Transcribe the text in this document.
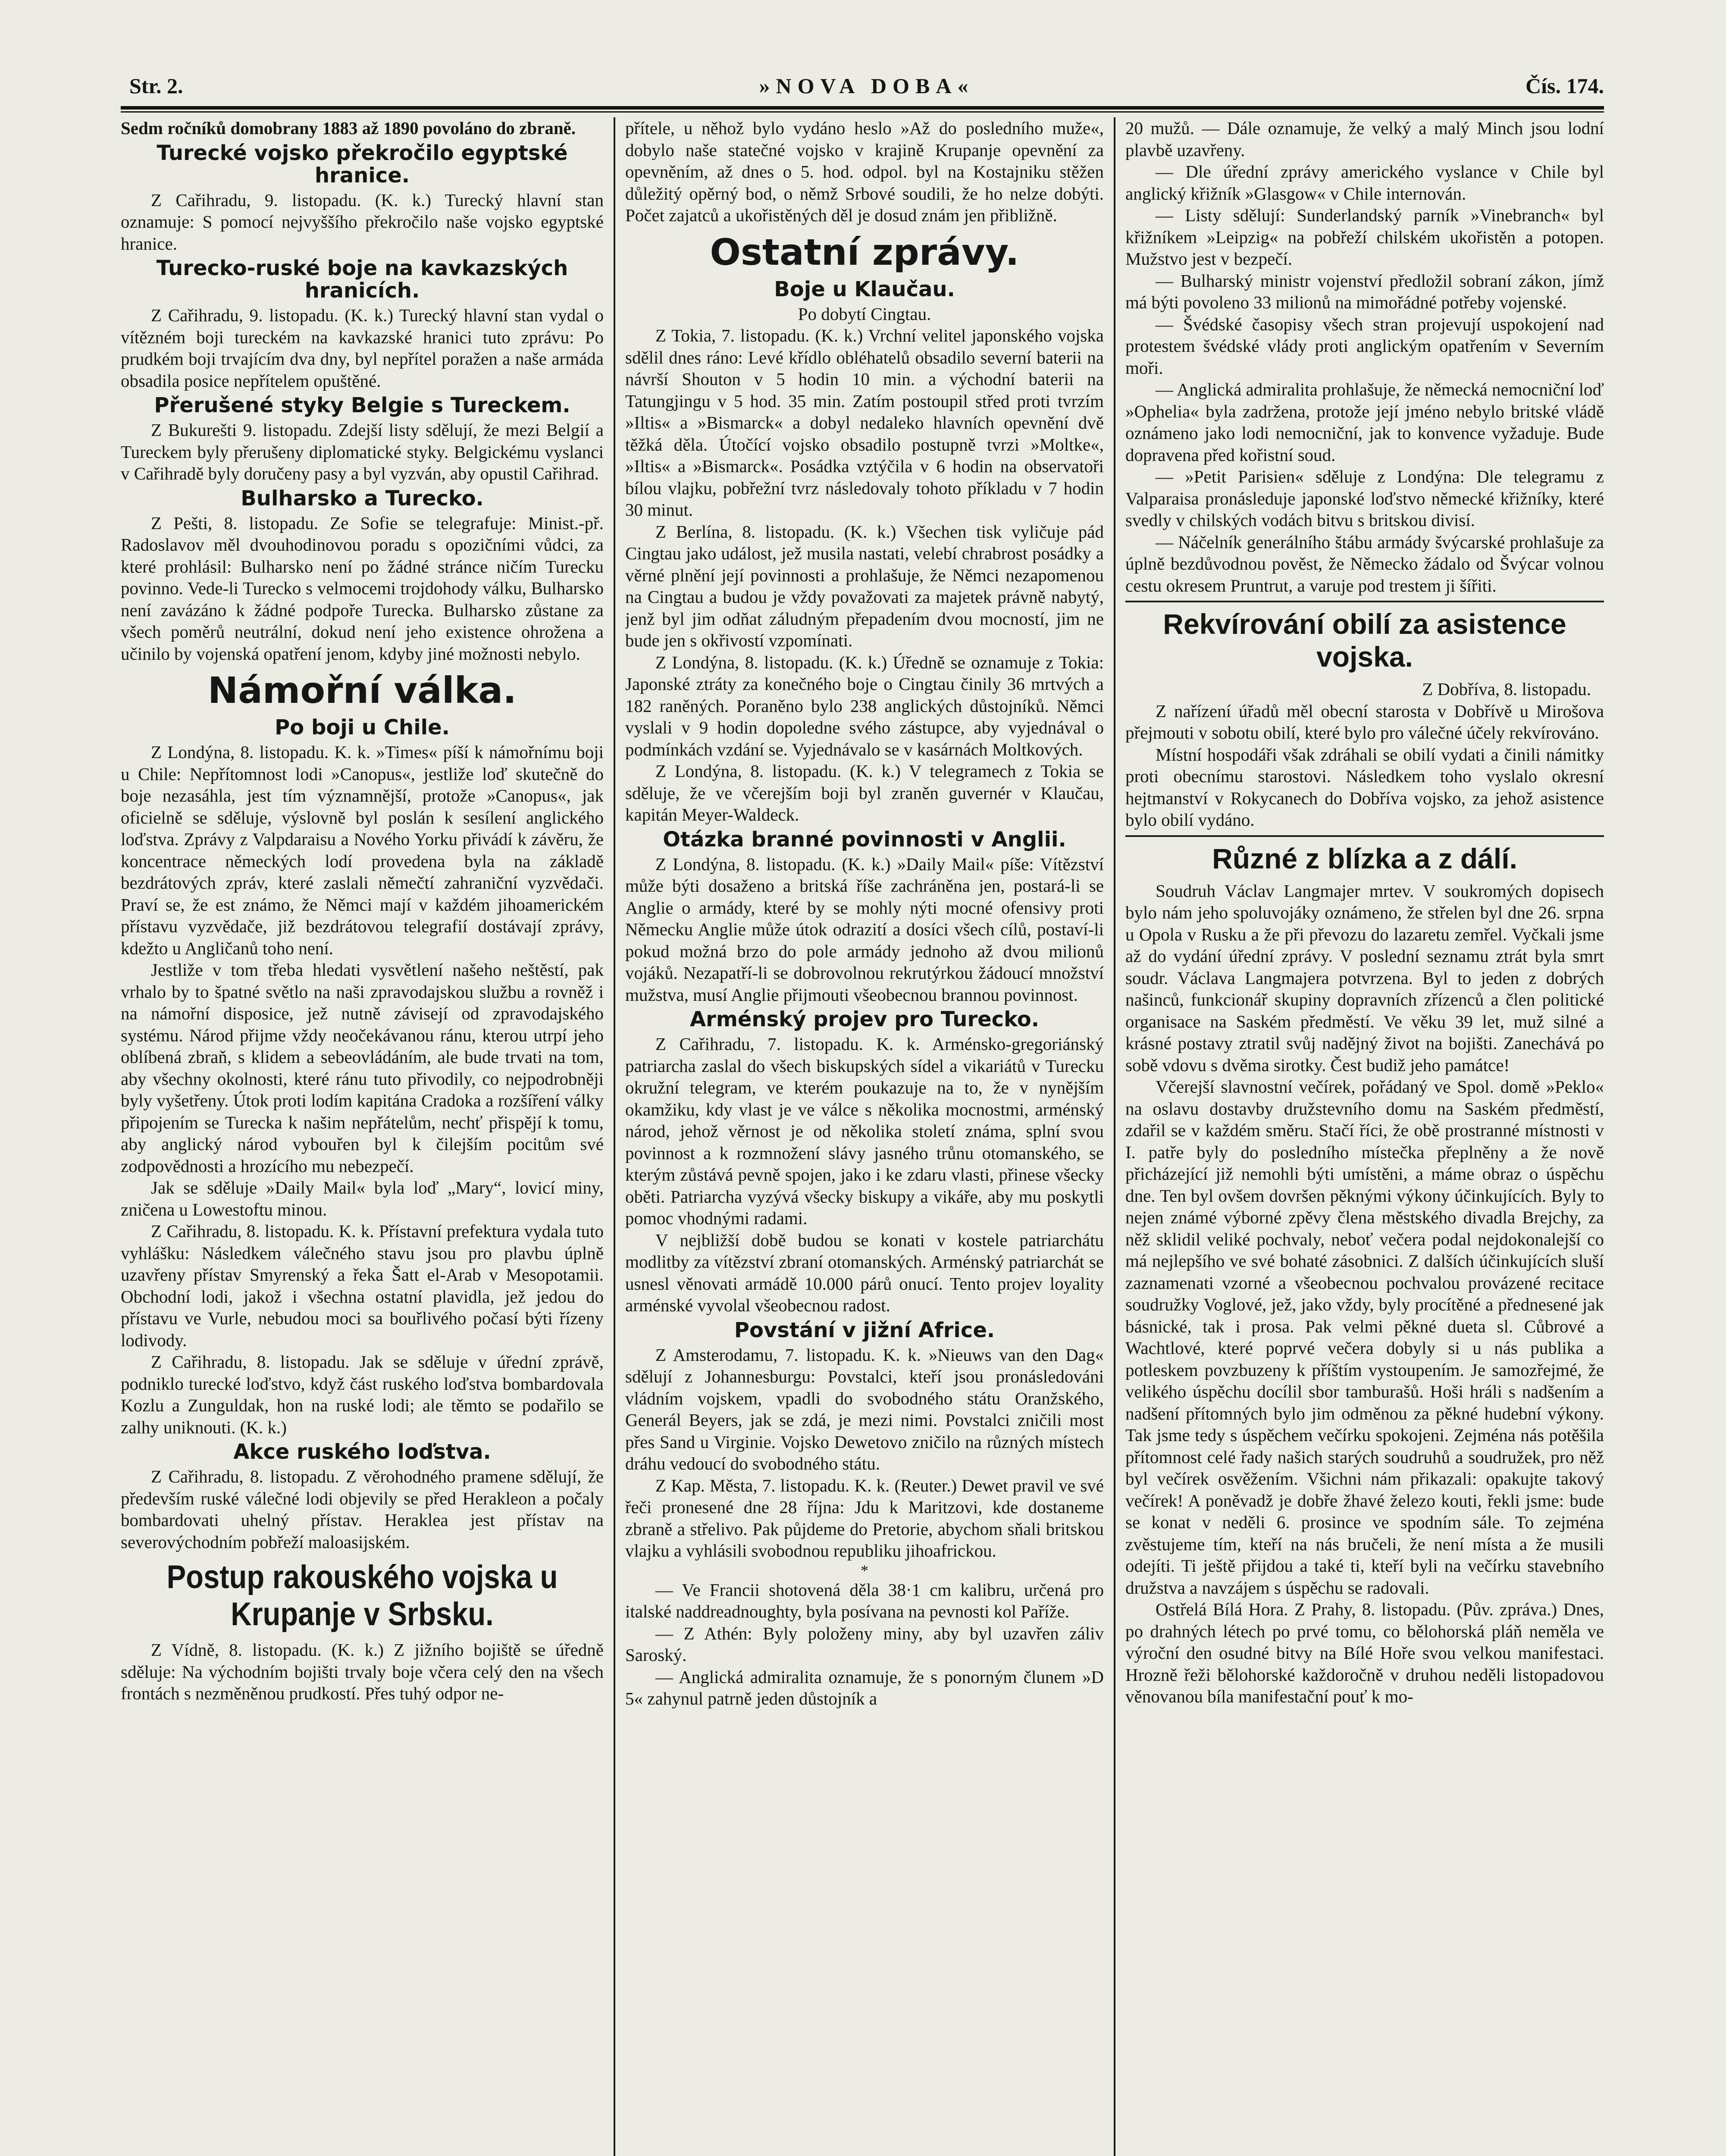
Str. 2.	»NOVA DOBA«	Čís. 174.

Sedm ročníků domobrany 1883 až 1890 povoláno do zbraně.

Turecké vojsko překročilo egyptské hranice.

Z Cařihradu, 9. listopadu. (K. k.) Turecký hlavní stan oznamuje: S pomocí nejvyššího překročilo naše vojsko egyptské hranice.

Turecko-ruské boje na kavkazských hranicích.

Z Cařihradu, 9. listopadu. (K. k.) Turecký hlavní stan vydal o vítězném boji tureckém na kavkazské hranici tuto zprávu: Po prudkém boji trvajícím dva dny, byl nepřítel poražen a naše armáda obsadila posice nepřítelem opuštěné.

Přerušené styky Belgie s Tureckem.

Z Bukurešti 9. listopadu. Zdejší listy sdělují, že mezi Belgií a Tureckem byly přerušeny diplomatické styky. Belgickému vyslanci v Cařihradě byly doručeny pasy a byl vyzván, aby opustil Cařihrad.

Bulharsko a Turecko.

Z Pešti, 8. listopadu. Ze Sofie se telegrafuje: Minist.-př. Radoslavov měl dvouhodinovou poradu s opozičními vůdci, za které prohlásil: Bulharsko není po žádné stránce ničím Turecku povinno. Vede-li Turecko s velmocemi trojdohody válku, Bulharsko není zavázáno k žádné podpoře Turecka. Bulharsko zůstane za všech poměrů neutrální, dokud není jeho existence ohrožena a učinilo by vojenská opatření jenom, kdyby jiné možnosti nebylo.

Námořní válka.
Po boji u Chile.

Z Londýna, 8. listopadu. K. k. »Times« píší k námořnímu boji u Chile: Nepřítomnost lodi »Canopus«, jestliže loď skutečně do boje nezasáhla, jest tím významnější, protože »Canopus«, jak oficielně se sděluje, výslovně byl poslán k sesílení anglického loďstva. Zprávy z Valpdaraisu a Nového Yorku přivádí k závěru, že koncentrace německých lodí provedena byla na základě bezdrátových zpráv, které zaslali němečtí zahraniční vyzvědači. Praví se, že est známo, že Němci mají v každém jihoamerickém přístavu vyzvědače, již bezdrátovou telegrafií dostávají zprávy, kdežto u Angličanů toho není.

Jestliže v tom třeba hledati vysvětlení našeho neštěstí, pak vrhalo by to špatné světlo na naši zpravodajskou službu a rovněž i na námořní disposice, jež nutně závisejí od zpravodajského systému. Národ přijme vždy neočekávanou ránu, kterou utrpí jeho oblíbená zbraň, s klidem a sebeovládáním, ale bude trvati na tom, aby všechny okolnosti, které ránu tuto přivodily, co nejpodrobněji byly vyšetřeny. Útok proti lodím kapitána Cradoka a rozšíření války připojením se Turecka k našim nepřátelům, nechť přispějí k tomu, aby anglický národ vybouřen byl k čilejším pocitům své zodpovědnosti a hrozícího mu nebezpečí.

Jak se sděluje »Daily Mail« byla loď „Mary“, lovicí miny, zničena u Lowestoftu minou.

Z Cařihradu, 8. listopadu. K. k. Přístavní prefektura vydala tuto vyhlášku: Následkem válečného stavu jsou pro plavbu úplně uzavřeny přístav Smyrenský a řeka Šatt el-Arab v Mesopotamii. Obchodní lodi, jakož i všechna ostatní plavidla, jež jedou do přístavu ve Vurle, nebudou moci sa bouřlivého počasí býti řízeny lodivody.

Z Cařihradu, 8. listopadu. Jak se sděluje v úřední zprávě, podniklo turecké loďstvo, když část ruského loďstva bombardovala Kozlu a Zunguldak, hon na ruské lodi; ale těmto se podařilo se zalhy uniknouti. (K. k.)

Akce ruského loďstva.

Z Cařihradu, 8. listopadu. Z věrohodného pramene sdělují, že především ruské válečné lodi objevily se před Herakleon a počaly bombardovati uhelný přístav. Heraklea jest přístav na severovýchodním pobřeží maloasijském.

Postup rakouského vojska u Krupanje v Srbsku.

Z Vídně, 8. listopadu. (K. k.) Z jižního bojiště se úředně sděluje: Na východním bojišti trvaly boje včera celý den na všech frontách s nezměněnou prudkostí. Přes tuhý odpor ne-

přítele, u něhož bylo vydáno heslo »Až do posledního muže«, dobylo naše statečné vojsko v krajině Krupanje opevnění za opevněním, až dnes o 5. hod. odpol. byl na Kostajniku stěžen důležitý opěrný bod, o němž Srbové soudili, že ho nelze dobýti. Počet zajatců a ukořistěných děl je dosud znám jen přibližně.

Ostatní zprávy.
Boje u Klaučau.

Po dobytí Cingtau.

Z Tokia, 7. listopadu. (K. k.) Vrchní velitel japonského vojska sdělil dnes ráno: Levé křídlo obléhatelů obsadilo severní baterii na návrší Shouton v 5 hodin 10 min. a východní baterii na Tatungjingu v 5 hod. 35 min. Zatím postoupil střed proti tvrzím »Iltis« a »Bismarck« a dobyl nedaleko hlavních opevnění dvě těžká děla. Útočící vojsko obsadilo postupně tvrzi »Moltke«, »Iltis« a »Bismarck«. Posádka vztýčila v 6 hodin na observatoři bílou vlajku, pobřežní tvrz následovaly tohoto příkladu v 7 hodin 30 minut.

Z Berlína, 8. listopadu. (K. k.) Všechen tisk vyličuje pád Cingtau jako událost, jež musila nastati, velebí chrabrost posádky a věrné plnění její povinnosti a prohlašuje, že Němci nezapomenou na Cingtau a budou je vždy považovati za majetek právně nabytý, jenž byl jim odňat záludným přepadením dvou mocností, jim ne bude jen s okřivostí vzpomínati.

Z Londýna, 8. listopadu. (K. k.) Úředně se oznamuje z Tokia: Japonské ztráty za konečného boje o Cingtau činily 36 mrtvých a 182 raněných. Poraněno bylo 238 anglických důstojníků. Němci vyslali v 9 hodin dopoledne svého zástupce, aby vyjednával o podmínkách vzdání se. Vyjednávalo se v kasárnách Moltkových.

Z Londýna, 8. listopadu. (K. k.) V telegramech z Tokia se sděluje, že ve včerejším boji byl zraněn guvernér v Klaučau, kapitán Meyer-Waldeck.

Otázka branné povinnosti v Anglii.

Z Londýna, 8. listopadu. (K. k.) »Daily Mail« píše: Vítězství může býti dosaženo a britská říše zachráněna jen, postará-li se Anglie o armády, které by se mohly nýti mocné ofensivy proti Německu Anglie může útok odrazití a dosíci všech cílů, postaví-li pokud možná brzo do pole armády jednoho až dvou milionů vojáků. Nezapatří-li se dobrovolnou rekrutýrkou žádoucí množství mužstva, musí Anglie přijmouti všeobecnou brannou povinnost.

Arménský projev pro Turecko.

Z Cařihradu, 7. listopadu. K. k. Arménsko-gregoriánský patriarcha zaslal do všech biskupských sídel a vikariátů v Turecku okružní telegram, ve kterém poukazuje na to, že v nynějším okamžiku, kdy vlast je ve válce s několika mocnostmi, arménský národ, jehož věrnost je od několika století známa, splní svou povinnost a k rozmnožení slávy jasného trůnu otomanského, se kterým zůstává pevně spojen, jako i ke zdaru vlasti, přinese všecky oběti. Patriarcha vyzývá všecky biskupy a vikáře, aby mu poskytli pomoc vhodnými radami.

V nejbližší době budou se konati v kostele patriarchátu modlitby za vítězství zbraní otomanských. Arménský patriarchát se usnesl věnovati armádě 10.000 párů onucí. Tento projev loyality arménské vyvolal všeobecnou radost.

Povstání v jižní Africe.

Z Amsterodamu, 7. listopadu. K. k. »Nieuws van den Dag« sdělují z Johannesburgu: Povstalci, kteří jsou pronásledováni vládním vojskem, vpadli do svobodného státu Oranžského, Generál Beyers, jak se zdá, je mezi nimi. Povstalci zničili most přes Sand u Virginie. Vojsko Dewetovo zničilo na různých místech dráhu vedoucí do svobodného státu.

Z Kap. Města, 7. listopadu. K. k. (Reuter.) Dewet pravil ve své řeči pronesené dne 28 října: Jdu k Maritzovi, kde dostaneme zbraně a střelivo. Pak půjdeme do Pretorie, abychom sňali britskou vlajku a vyhlásili svobodnou republiku jihoafrickou.

*

— Ve Francii shotovená děla 38·1 cm kalibru, určená pro italské naddreadnoughty, byla posívana na pevnosti kol Paříže.

— Z Athén: Byly položeny miny, aby byl uzavřen záliv Saroský.

— Anglická admiralita oznamuje, že s ponorným člunem »D 5« zahynul patrně jeden důstojník a

20 mužů. — Dále oznamuje, že velký a malý Minch jsou lodní plavbě uzavřeny.

— Dle úřední zprávy amerického vyslance v Chile byl anglický křižník »Glasgow« v Chile internován.

— Listy sdělují: Sunderlandský parník »Vinebranch« byl křižníkem »Leipzig« na pobřeží chilském ukořistěn a potopen. Mužstvo jest v bezpečí.

— Bulharský ministr vojenství předložil sobraní zákon, jímž má býti povoleno 33 milionů na mimořádné potřeby vojenské.

— Švédské časopisy všech stran projevují uspokojení nad protestem švédské vlády proti anglickým opatřením v Severním moři.

— Anglická admiralita prohlašuje, že německá nemocniční loď »Ophelia« byla zadržena, protože její jméno nebylo britské vládě oznámeno jako lodi nemocniční, jak to konvence vyžaduje. Bude dopravena před kořistní soud.

— »Petit Parisien« sděluje z Londýna: Dle telegramu z Valparaisa pronásleduje japonské loďstvo německé křižníky, které svedly v chilských vodách bitvu s britskou divisí.

— Náčelník generálního štábu armády švýcarské prohlašuje za úplně bezdůvodnou pověst, že Německo žádalo od Švýcar volnou cestu okresem Pruntrut, a varuje pod trestem ji šířiti.

Rekvírování obilí za asistence vojska.

Z Dobřívа, 8. listopadu.

Z nařízení úřadů měl obecní starosta v Dobřívě u Mirošova přejmouti v sobotu obilí, které bylo pro válečné účely rekvírováno.

Místní hospodáři však zdráhali se obilí vydati a činili námitky proti obecnímu starostovi. Následkem toho vyslalo okresní hejtmanství v Rokycanech do Dobřívа vojsko, za jehož asistence bylo obilí vydáno.

Různé z blízka a z dálí.

Soudruh Václav Langmajer mrtev. V soukromých dopisech bylo nám jeho spoluvojáky oznámeno, že střelen byl dne 26. srpna u Opola v Rusku a že při převozu do lazaretu zemřel. Vyčkali jsme až do vydání úřední zprávy. V poslední seznamu ztrát byla smrt soudr. Václava Langmajera potvrzena. Byl to jeden z dobrých našinců, funkcionář skupiny dopravních zřízenců a člen politické organisace na Saském předměstí. Ve věku 39 let, muž silné a krásné postavy ztratil svůj nadějný život na bojišti. Zanechává po sobě vdovu s dvěma sirotky. Čest budiž jeho památce!

Včerejší slavnostní večírek, pořádaný ve Spol. domě »Peklo« na oslavu dostavby družstevního domu na Saském předměstí, zdařil se v každém směru. Stačí říci, že obě prostranné místnosti v I. patře byly do posledního místečka přeplněny a že nově přicházející již nemohli býti umístěni, a máme obraz o úspěchu dne. Ten byl ovšem dovršen pěknými výkony účinkujících. Byly to nejen známé výborné zpěvy člena městského divadla Brejchy, za něž sklidil veliké pochvaly, neboť večera podal nejdokonalejší co má nejlepšího ve své bohaté zásobnici. Z dalších účinkujících sluší zaznamenati vzorné a všeobecnou pochvalou provázené recitace soudružky Voglové, jež, jako vždy, byly procítěné a přednesené jak básnické, tak i prosa. Pak velmi pěkné dueta sl. Cůbrové a Wachtlové, které poprvé večera dobyly si u nás publika a potleskem povzbuzeny k příštím vystoupením. Je samozřejmé, že velikého úspěchu docílil sbor tamburašů. Hoši hráli s nadšením a nadšení přítomných bylo jim odměnou za pěkné hudební výkony. Tak jsme tedy s úspěchem večírku spokojeni. Zejména nás potěšila přítomnost celé řady našich starých soudruhů a soudružek, pro něž byl večírek osvěžením. Všichni nám přikazali: opakujte takový večírek! A poněvadž je dobře žhavé železo kouti, řekli jsme: bude se konat v neděli 6. prosince ve spodním sále. To zejména zvěstujeme tím, kteří na nás bručeli, že není místa a že musili odejíti. Ti ještě přijdou a také ti, kteří byli na večírku stavebního družstva a navzájem s úspěchu se radovali.

Ostřelá Bílá Hora. Z Prahy, 8. listopadu. (Pův. zpráva.) Dnes, po drahných létech po prvé tomu, co bělohorská pláň neměla ve výroční den osudné bitvy na Bílé Hoře svou velkou manifestaci. Hrozně řeži bělohorské každoročně v druhou neděli listopadovou věnovanou bíla manifestační pouť k mo-
